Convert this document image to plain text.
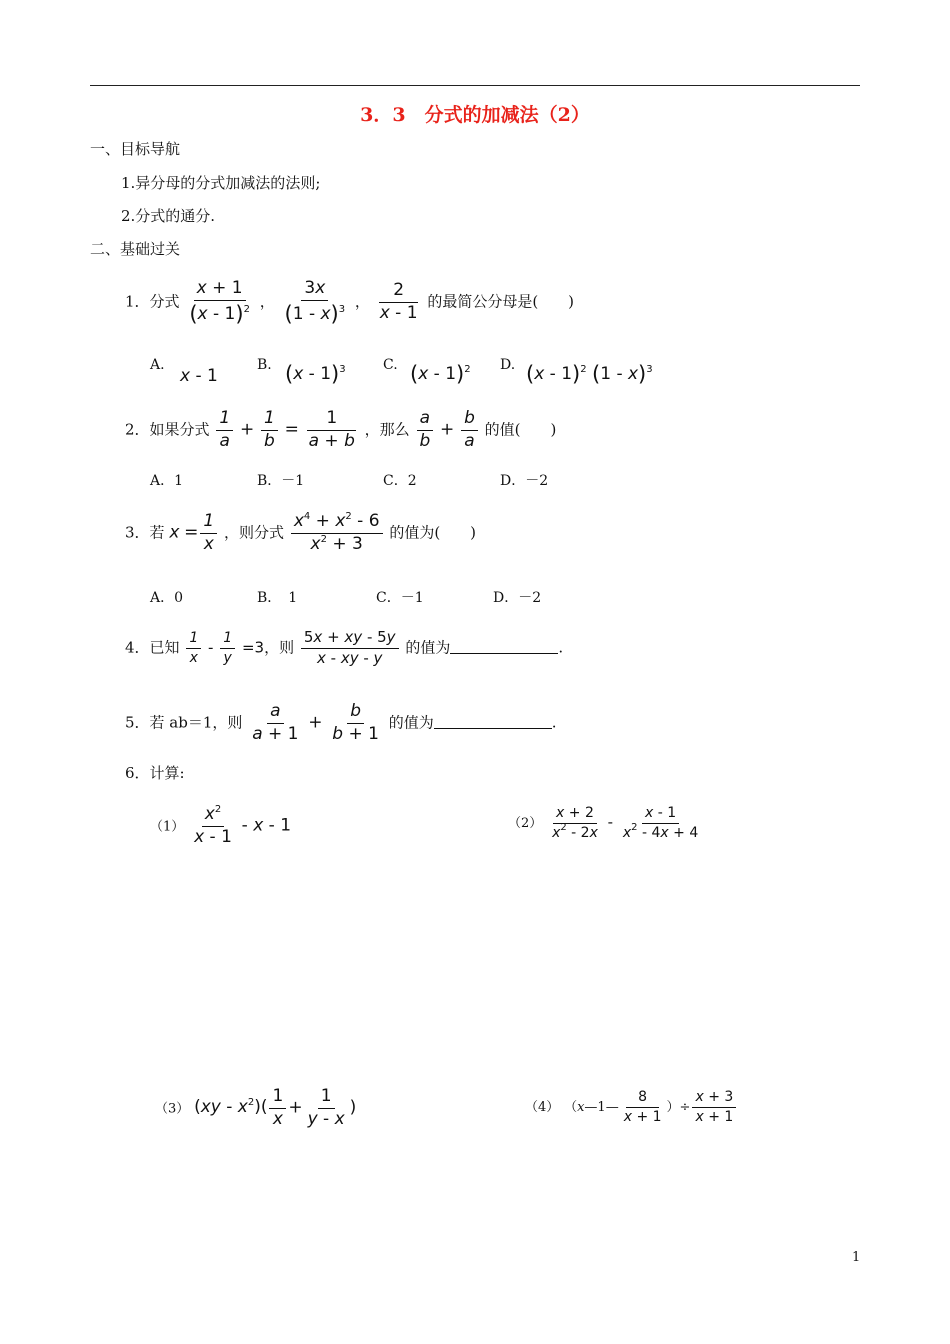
3．3　分式的加减法（2）
一、目标导航
1.异分母的分式加减法的法则;
2.分式的通分.
二、基础过关
1．分式 $\frac{x + 1}{(x - 1)^2}$ ， $\frac{3x}{(1 - x)^3}$ ， $\frac{2}{x - 1}$ 的最简公分母是(　　)
A.
x - 1
B. (x - 1)$^3$	C. (x - 1)$^2$ D. (x - 1)$^2$ (1 - x)$^3$
2．如果分式 $\frac{1}{a} + \frac{1}{b} = \frac{1}{a + b}$ ，那么 $\frac{a}{b} + \frac{b}{a}$ 的值(　　)
A．1	B．－1	C．2	D．－2
3．若 $x = \frac{1}{x}$ ，则分式 $\frac{x^4 + x^2 - 6}{x^2 + 3}$ 的值为(　　)
A．0	B．　1	C．－1	D．－2
4．已知 $\frac{1}{x} - \frac{1}{y} =3$，则 $\frac{5x + xy - 5y}{x - xy - y}$ 的值为	.
5．若 ab＝1，则 $\frac{a}{a + 1} + \frac{b}{b + 1}$ 的值为	.
6．计算:
$(1) \frac{x^2}{x - 1}$ - x - 1	$(2) \frac{x + 2}{x^2 - 2x} - \frac{x - 1}{x^2 - 4x + 4}$
（3） $(xy - x^2)( \frac{1}{x} + \frac{1}{y - x}$ )	（4） （x—1— $\frac{8}{x + 1}$ ）÷ $\frac{x + 3}{x + 1}$
1
